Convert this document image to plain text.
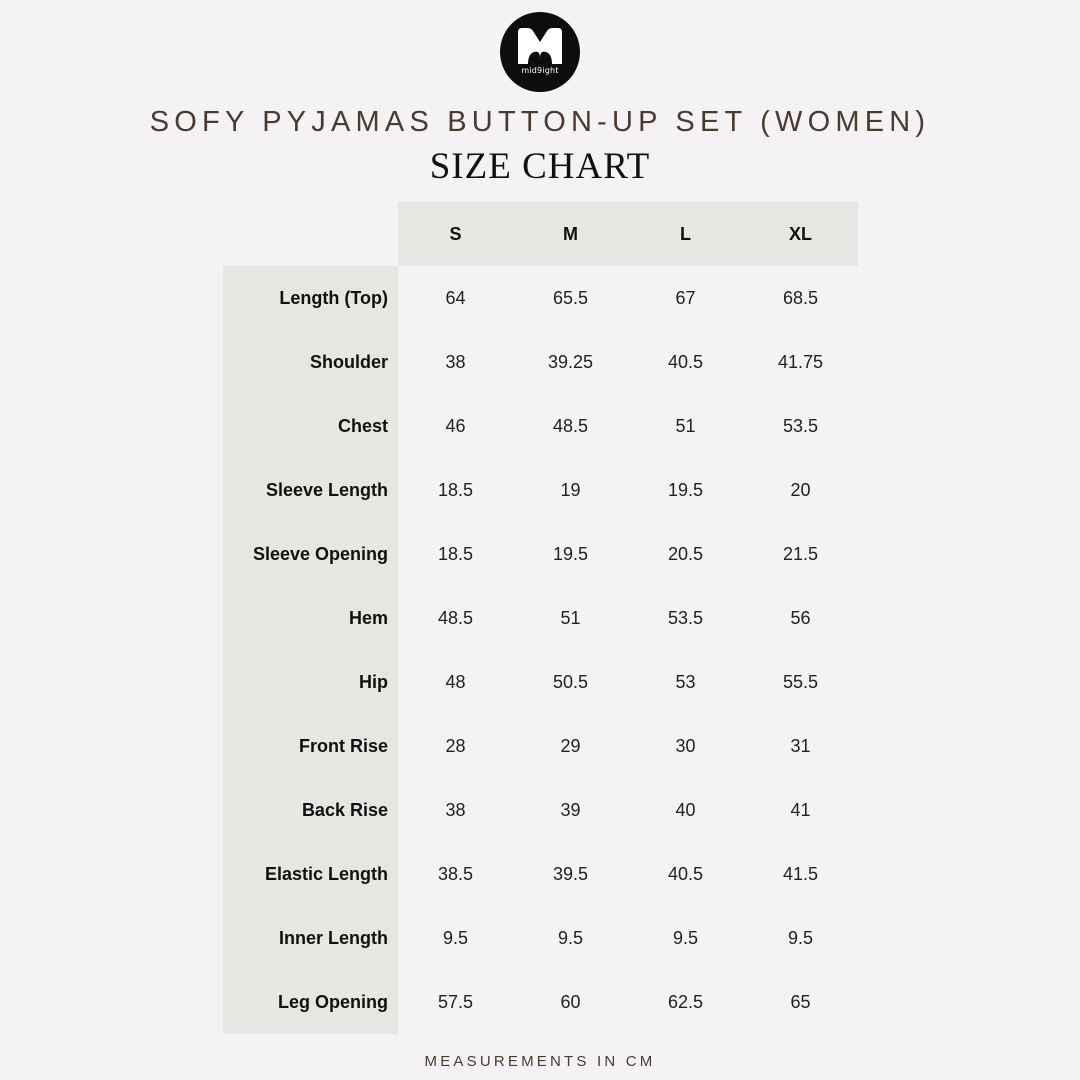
mid9ight
SOFY PYJAMAS BUTTON-UP SET (WOMEN)
SIZE CHART
S	M	L	XL
Length (Top)	64	65.5	67	68.5
Shoulder	38	39.25	40.5	41.75
Chest	46	48.5	51	53.5
Sleeve Length	18.5	19	19.5	20
Sleeve Opening	18.5	19.5	20.5	21.5
Hem	48.5	51	53.5	56
Hip	48	50.5	53	55.5
Front Rise	28	29	30	31
Back Rise	38	39	40	41
Elastic Length	38.5	39.5	40.5	41.5
Inner Length	9.5	9.5	9.5	9.5
Leg Opening	57.5	60	62.5	65
MEASUREMENTS IN CM
